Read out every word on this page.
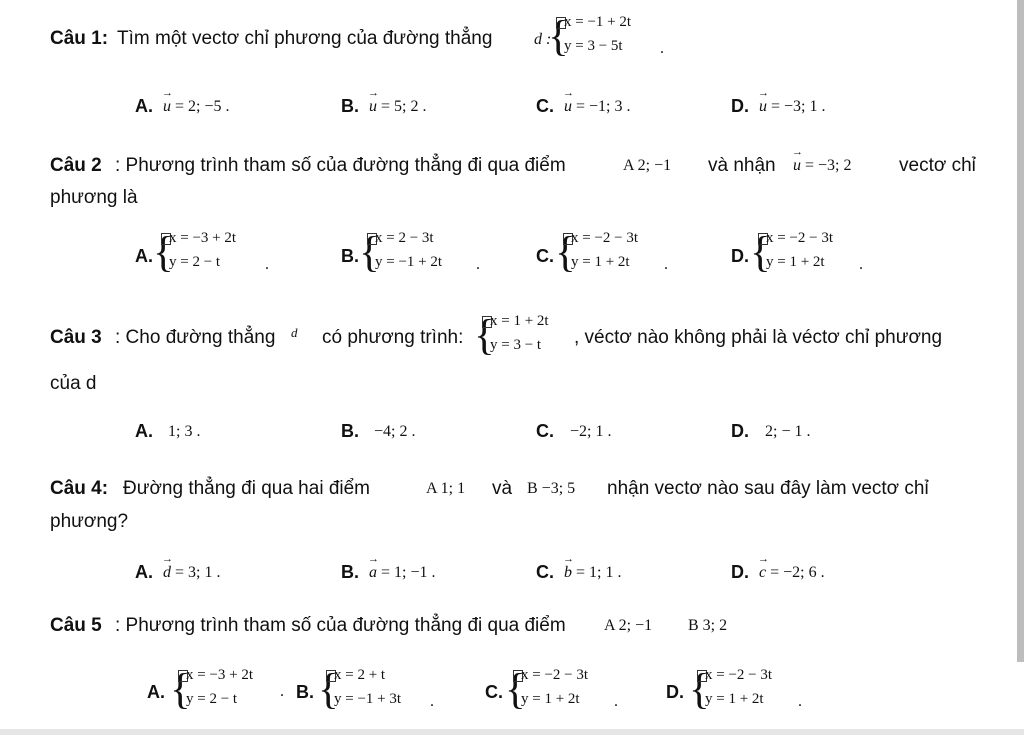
Câu 1: Tìm một vectơ chỉ phương của đường thẳng	d :
{
x = −1 + 2t
y = 3 − 5t .
A. → u = 2; −5 .	B. → u = 5; 2 .	C. → u = −1; 3 .	D. → u = −3; 1 .
Câu 2 : Phương trình tham số của đường thẳng đi qua điểm	A 2; −1 và nhận → u = −3; 2	vectơ chỉ
phương là
A. {
x = −3 + 2t
y = 2 − t	.	B. {
x = 2 − 3t
y = −1 + 2t .	C. {
x = −2 − 3t
y = 1 + 2t .	D. {
x = −2 − 3t
y = 1 + 2t .
Câu 3 : Cho đường thẳng d có phương trình: {
x = 1 + 2t
y = 3 − t , véctơ nào không phải là véctơ chỉ phương
của d
A. 1; 3 .	B. −4; 2 .	C. −2; 1 .	D. 2; − 1 .
Câu 4: Đường thẳng đi qua hai điểm	A 1; 1 và B −3; 5 nhận vectơ nào sau đây làm vectơ chỉ
phương?
A. → d = 3; 1 .	B. → a = 1; −1 .	C. → b = 1; 1 .	D. → c = −2; 6 .
Câu 5 : Phương trình tham số của đường thẳng đi qua điểm A 2; −1 B 3; 2
A. {
x = −3 + 2t
y = 2 − t	. B. {
x = 2 + t
y = −1 + 3t .	C. {
x = −2 − 3t
y = 1 + 2t .	D. {
x = −2 − 3t
y = 1 + 2t .
